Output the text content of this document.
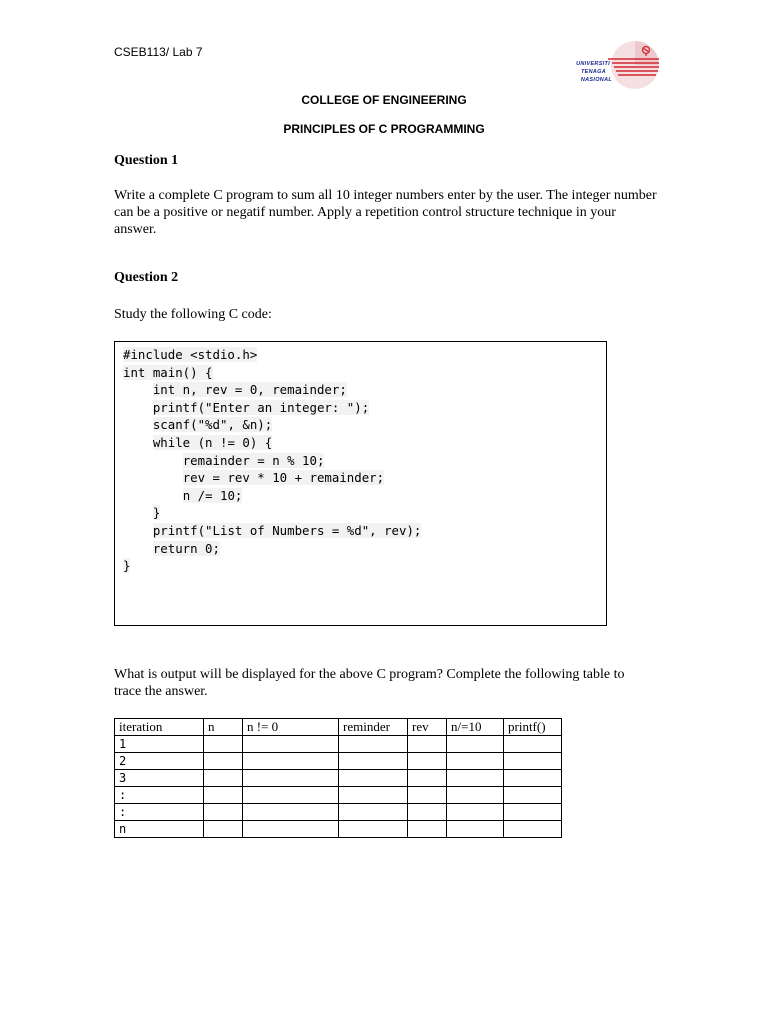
CSEB113/ Lab 7
UNIVERSITI
TENAGA
NASIONAL
COLLEGE OF ENGINEERING
PRINCIPLES OF C PROGRAMMING
Question 1
Write a complete C program to sum all 10 integer numbers enter by the user. The integer number can be a positive or negatif number. Apply a repetition control structure technique in your answer.
Question 2
Study the following C code:
#include <stdio.h>
int main() {
int n, rev = 0, remainder;
printf("Enter an integer: ");
scanf("%d", &n);
while (n != 0) {
remainder = n % 10;
rev = rev * 10 + remainder;
n /= 10;
}
printf("List of Numbers = %d", rev);
return 0;
}
What is output will be displayed for the above C program? Complete the following table to trace the answer.
iteration	n	n != 0	reminder	rev	n/=10	printf()
1						
2						
3						
:						
:						
n						
